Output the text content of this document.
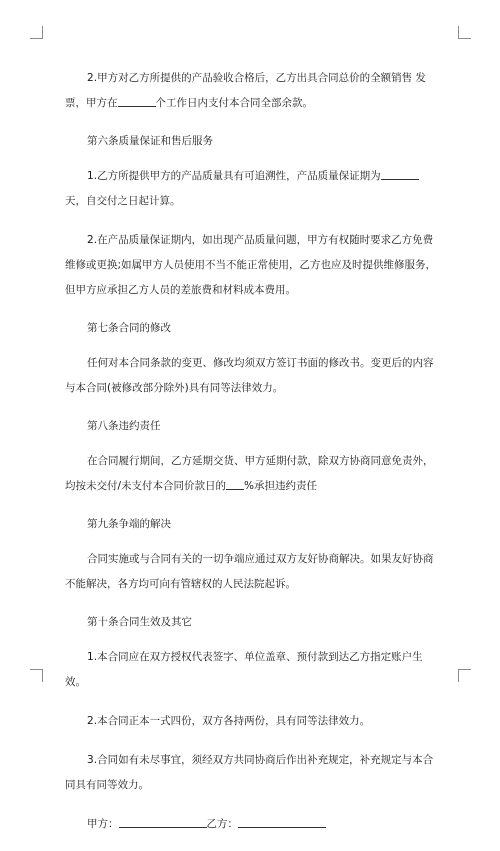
2.甲方对乙方所提供的产品验收合格后，乙方出具合同总价的全额销售 发票，甲方在	个工作日内支付本合同全部余款。

第六条质量保证和售后服务

1.乙方所提供甲方的产品质量具有可追溯性，产品质量保证期为天，自交付之日起计算。

2.在产品质量保证期内，如出现产品质量问题，甲方有权随时要求乙方免费维修或更换;如属甲方人员使用不当不能正常使用，乙方也应及时提供维修服务，但甲方应承担乙方人员的差旅费和材料成本费用。

第七条合同的修改

任何对本合同条款的变更、修改均须双方签订书面的修改书。变更后的内容与本合同(被修改部分除外)具有同等法律效力。

第八条违约责任

在合同履行期间，乙方延期交货、甲方延期付款，除双方协商同意免责外，均按未交付/未支付本合同价款日的 %承担违约责任

第九条争端的解决

合同实施或与合同有关的一切争端应通过双方友好协商解决。如果友好协商不能解决，各方均可向有管辖权的人民法院起诉。

第十条合同生效及其它

1.本合同应在双方授权代表签字、单位盖章、预付款到达乙方指定账户生效。

2.本合同正本一式四份，双方各持两份，具有同等法律效力。

3.合同如有未尽事宜，须经双方共同协商后作出补充规定，补充规定与本合同具有同等效力。

甲方：	乙方：
